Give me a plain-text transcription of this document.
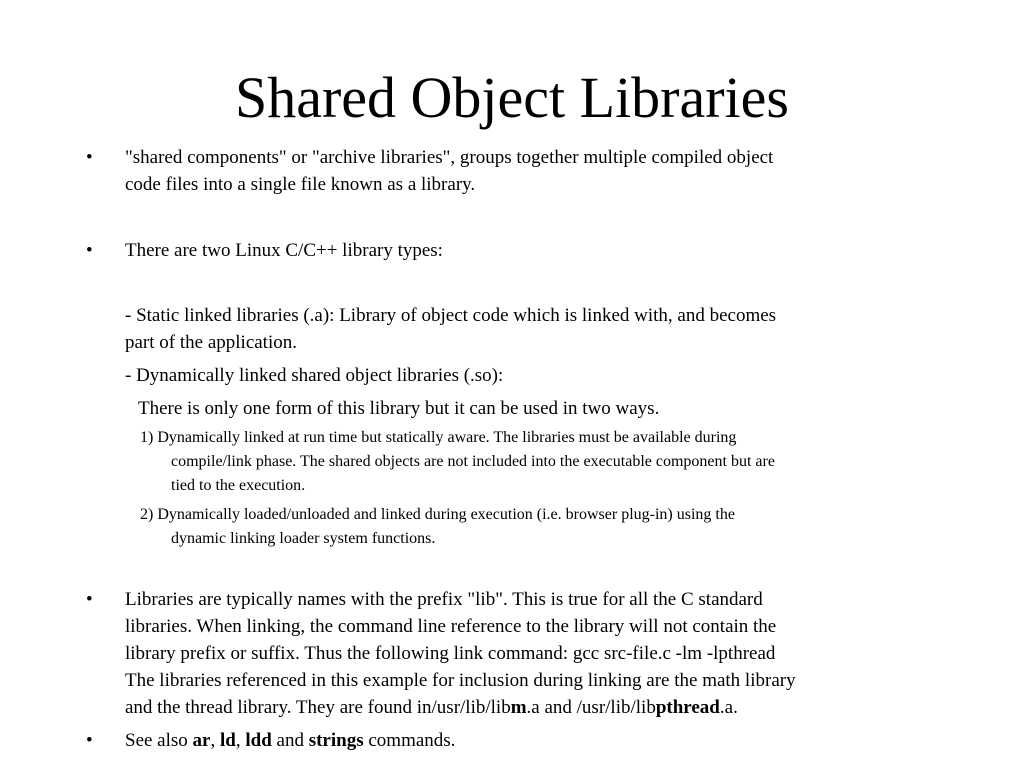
Shared Object Libraries
• "shared components" or "archive libraries", groups together multiple compiled object
code files into a single file known as a library.
• There are two Linux C/C++ library types:
- Static linked libraries (.a): Library of object code which is linked with, and becomes
part of the application.
- Dynamically linked shared object libraries (.so):
There is only one form of this library but it can be used in two ways.
1) Dynamically linked at run time but statically aware. The libraries must be available during
compile/link phase. The shared objects are not included into the executable component but are
tied to the execution.
2) Dynamically loaded/unloaded and linked during execution (i.e. browser plug-in) using the
dynamic linking loader system functions.
• Libraries are typically names with the prefix "lib". This is true for all the C standard
libraries. When linking, the command line reference to the library will not contain the
library prefix or suffix. Thus the following link command: gcc src-file.c -lm -lpthread
The libraries referenced in this example for inclusion during linking are the math library
and the thread library. They are found in/usr/lib/libm.a and /usr/lib/libpthread.a.
• See also ar, ld, ldd and strings commands.
